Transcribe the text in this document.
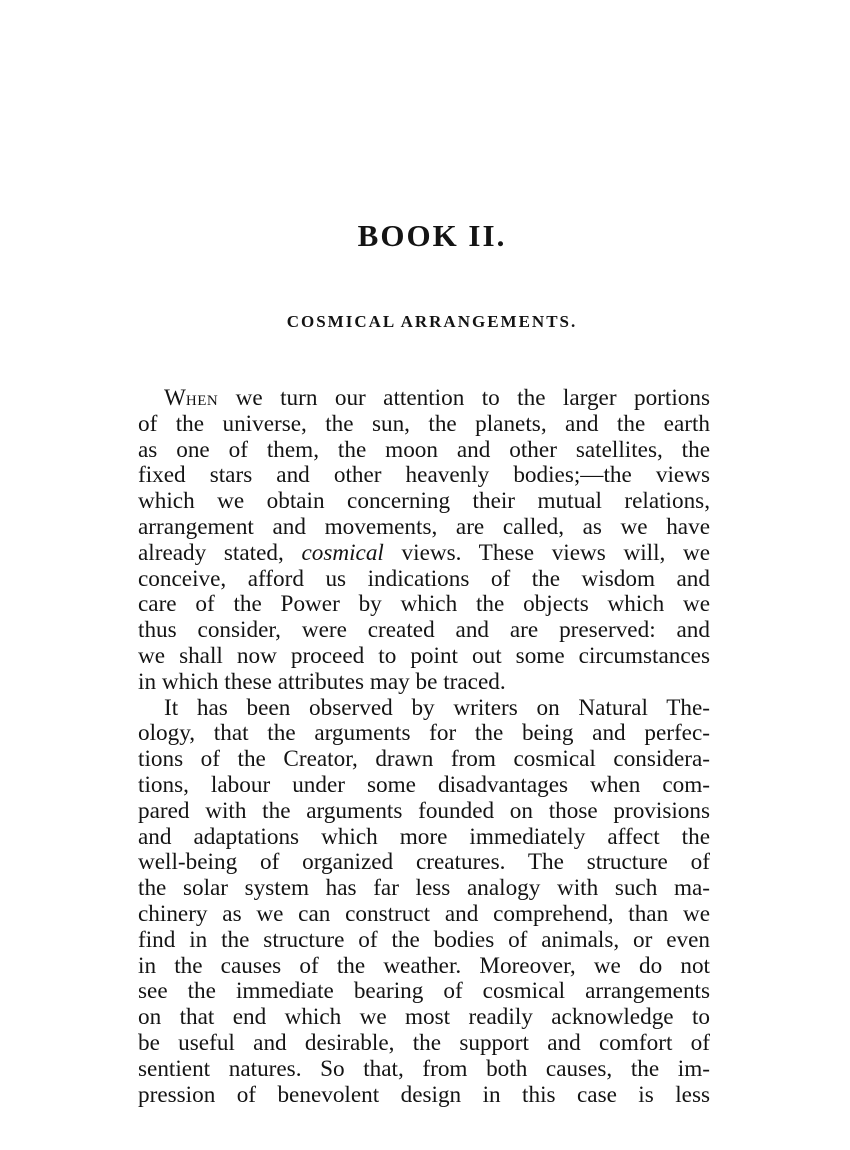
BOOK II.
COSMICAL ARRANGEMENTS.
WHEN we turn our attention to the larger portions
of the universe, the sun, the planets, and the earth
as one of them, the moon and other satellites, the
fixed stars and other heavenly bodies;—the views
which we obtain concerning their mutual relations,
arrangement and movements, are called, as we have
already stated, cosmical views. These views will, we
conceive, afford us indications of the wisdom and
care of the Power by which the objects which we
thus consider, were created and are preserved: and
we shall now proceed to point out some circumstances
in which these attributes may be traced.
It has been observed by writers on Natural The-
ology, that the arguments for the being and perfec-
tions of the Creator, drawn from cosmical considera-
tions, labour under some disadvantages when com-
pared with the arguments founded on those provisions
and adaptations which more immediately affect the
well-being of organized creatures. The structure of
the solar system has far less analogy with such ma-
chinery as we can construct and comprehend, than we
find in the structure of the bodies of animals, or even
in the causes of the weather. Moreover, we do not
see the immediate bearing of cosmical arrangements
on that end which we most readily acknowledge to
be useful and desirable, the support and comfort of
sentient natures. So that, from both causes, the im-
pression of benevolent design in this case is less
